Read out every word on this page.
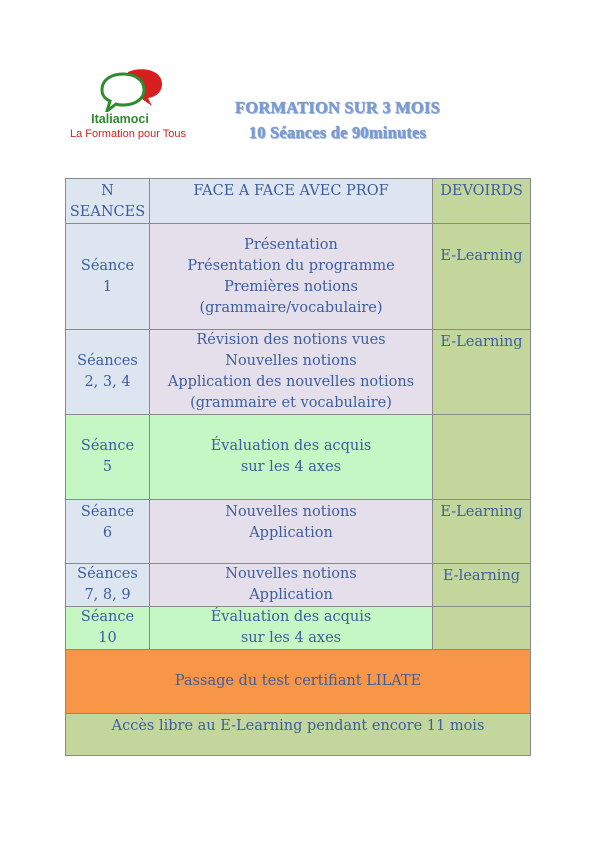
Italiamoci
La Formation pour Tous
FORMATION SUR 3 MOIS
10 Séances de 90minutes
N
SEANCES	FACE A FACE AVEC PROF	DEVOIRDS

Séance
1	Présentation
Présentation du programme
Premières notions
(grammaire/vocabulaire)	E-Learning

Séances
2, 3, 4	Révision des notions vues
Nouvelles notions
Application des nouvelles notions
(grammaire et vocabulaire)	E-Learning

Séance
5	Évaluation des acquis
sur les 4 axes	

Séance
6	Nouvelles notions
Application	E-Learning

Séances
7, 8, 9	Nouvelles notions
Application	E-learning

Séance
10	Évaluation des acquis
sur les 4 axes	

Passage du test certifiant LILATE		
Accès libre au E-Learning pendant encore 11 mois		
